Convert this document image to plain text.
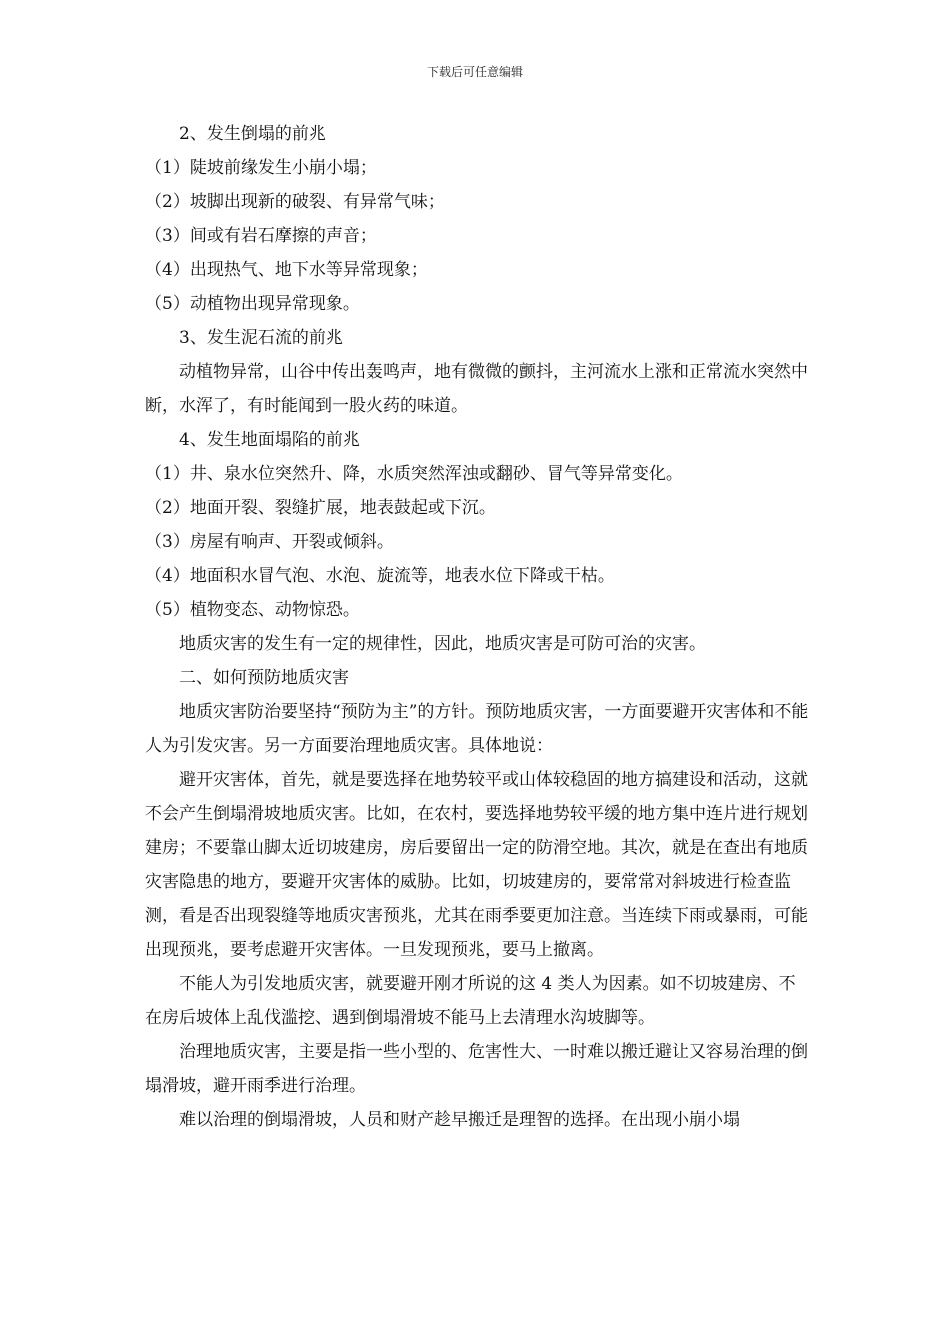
下载后可任意编辑

2、发生倒塌的前兆

（1）陡坡前缘发生小崩小塌；

（2）坡脚出现新的破裂、有异常气味；

（3）间或有岩石摩擦的声音；

（4）出现热气、地下水等异常现象；

（5）动植物出现异常现象。

3、发生泥石流的前兆

动植物异常，山谷中传出轰鸣声，地有微微的颤抖，主河流水上涨和正常流水突然中断，水浑了，有时能闻到一股火药的味道。

4、发生地面塌陷的前兆

（1）井、泉水位突然升、降，水质突然浑浊或翻砂、冒气等异常变化。

（2）地面开裂、裂缝扩展，地表鼓起或下沉。

（3）房屋有响声、开裂或倾斜。

（4）地面积水冒气泡、水泡、旋流等，地表水位下降或干枯。

（5）植物变态、动物惊恐。

地质灾害的发生有一定的规律性，因此，地质灾害是可防可治的灾害。

二、如何预防地质灾害

地质灾害防治要坚持“预防为主”的方针。预防地质灾害，一方面要避开灾害体和不能人为引发灾害。另一方面要治理地质灾害。具体地说：

避开灾害体，首先，就是要选择在地势较平或山体较稳固的地方搞建设和活动，这就不会产生倒塌滑坡地质灾害。比如，在农村，要选择地势较平缓的地方集中连片进行规划建房；不要靠山脚太近切坡建房，房后要留出一定的防滑空地。其次，就是在查出有地质灾害隐患的地方，要避开灾害体的威胁。比如，切坡建房的，要常常对斜坡进行检查监测，看是否出现裂缝等地质灾害预兆，尤其在雨季要更加注意。当连续下雨或暴雨，可能出现预兆，要考虑避开灾害体。一旦发现预兆，要马上撤离。

不能人为引发地质灾害，就要避开刚才所说的这 4 类人为因素。如不切坡建房、不在房后坡体上乱伐滥挖、遇到倒塌滑坡不能马上去清理水沟坡脚等。

治理地质灾害，主要是指一些小型的、危害性大、一时难以搬迁避让又容易治理的倒塌滑坡，避开雨季进行治理。

难以治理的倒塌滑坡，人员和财产趁早搬迁是理智的选择。在出现小崩小塌
